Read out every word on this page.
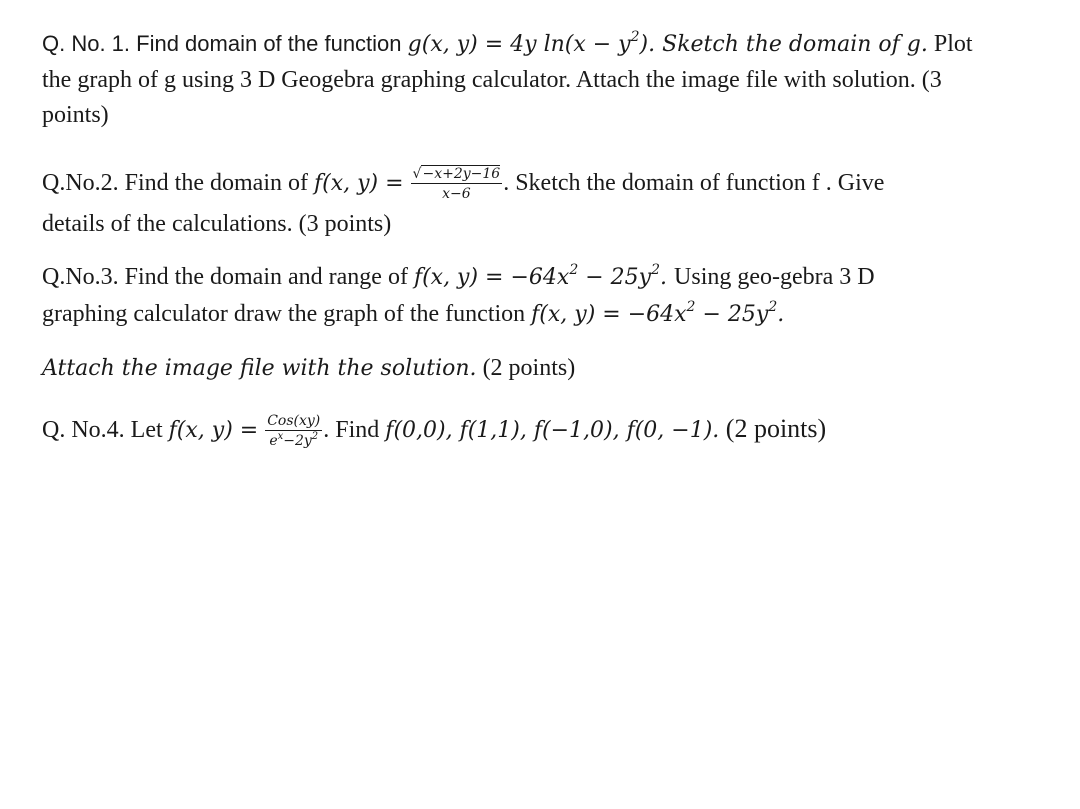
Q. No. 1. Find domain of the function g(x, y) = 4y $\ln(x - y^2)$. Sketch the domain of g. Plot
the graph of g using 3 D Geogebra graphing calculator. Attach the image file with solution. (3
points)
Q.No.2. Find the domain of f(x, $y) = \frac{√-x+2y-16}{x-6}$ . Sketch the domain of function f . Give
details of the calculations. (3 points)
Q.No.3. Find the domain and range of f(x, $y) = -64x^2 - 25y^2$. Using geo-gebra 3 D
graphing calculator draw the graph of the function f(x, $y) = -64x^2 - 25y^2$.
Attach the image file with the solution. (2 points)
Q. No.4. Let f(x, $y) = \frac{\text{Cos(xy)}}{e^x-2y^2}$ . Find f(0,0), f(1,1), f(−1,0), f(0, −1). (2 points)
